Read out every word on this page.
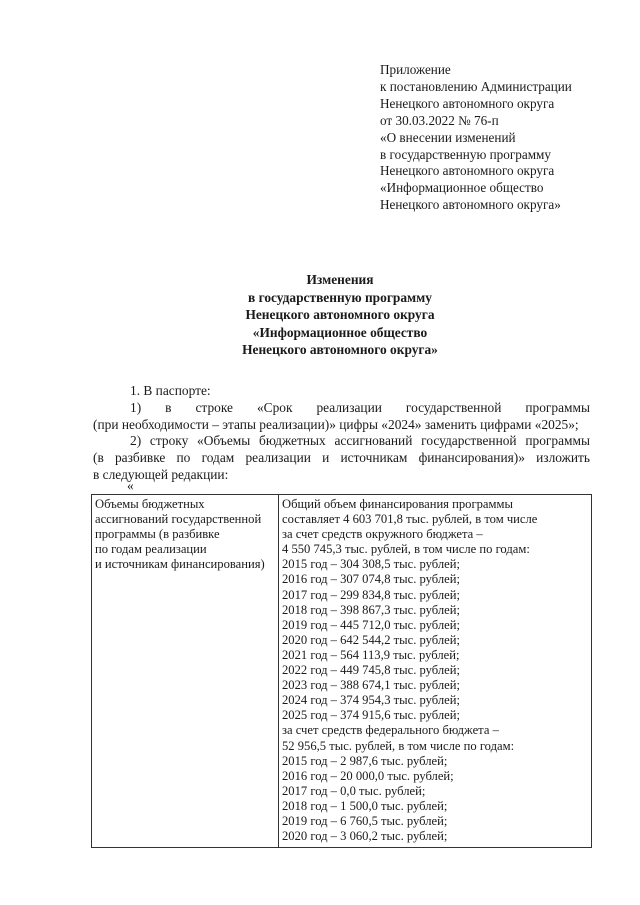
Приложение
к постановлению Администрации
Ненецкого автономного округа
от 30.03.2022 № 76-п
«О внесении изменений
в государственную программу
Ненецкого автономного округа
«Информационное общество
Ненецкого автономного округа»
Изменения
в государственную программу
Ненецкого автономного округа
«Информационное общество
Ненецкого автономного округа»
1. В паспорте:
1) в строке «Срок реализации государственной программы
(при необходимости – этапы реализации)» цифры «2024» заменить цифрами «2025»;
2) строку «Объемы бюджетных ассигнований государственной программы
(в разбивке по годам реализации и источникам финансирования)» изложить
в следующей редакции:
«
Объемы бюджетных
ассигнований государственной
программы (в разбивке
по годам реализации
и источникам финансирования)

Общий объем финансирования программы
составляет 4 603 701,8 тыс. рублей, в том числе
за счет средств окружного бюджета –
4 550 745,3 тыс. рублей, в том числе по годам:
2015 год – 304 308,5 тыс. рублей;
2016 год – 307 074,8 тыс. рублей;
2017 год – 299 834,8 тыс. рублей;
2018 год – 398 867,3 тыс. рублей;
2019 год – 445 712,0 тыс. рублей;
2020 год – 642 544,2 тыс. рублей;
2021 год – 564 113,9 тыс. рублей;
2022 год – 449 745,8 тыс. рублей;
2023 год – 388 674,1 тыс. рублей;
2024 год – 374 954,3 тыс. рублей;
2025 год – 374 915,6 тыс. рублей;
за счет средств федерального бюджета –
52 956,5 тыс. рублей, в том числе по годам:
2015 год – 2 987,6 тыс. рублей;
2016 год – 20 000,0 тыс. рублей;
2017 год – 0,0 тыс. рублей;
2018 год – 1 500,0 тыс. рублей;
2019 год – 6 760,5 тыс. рублей;
2020 год – 3 060,2 тыс. рублей;
